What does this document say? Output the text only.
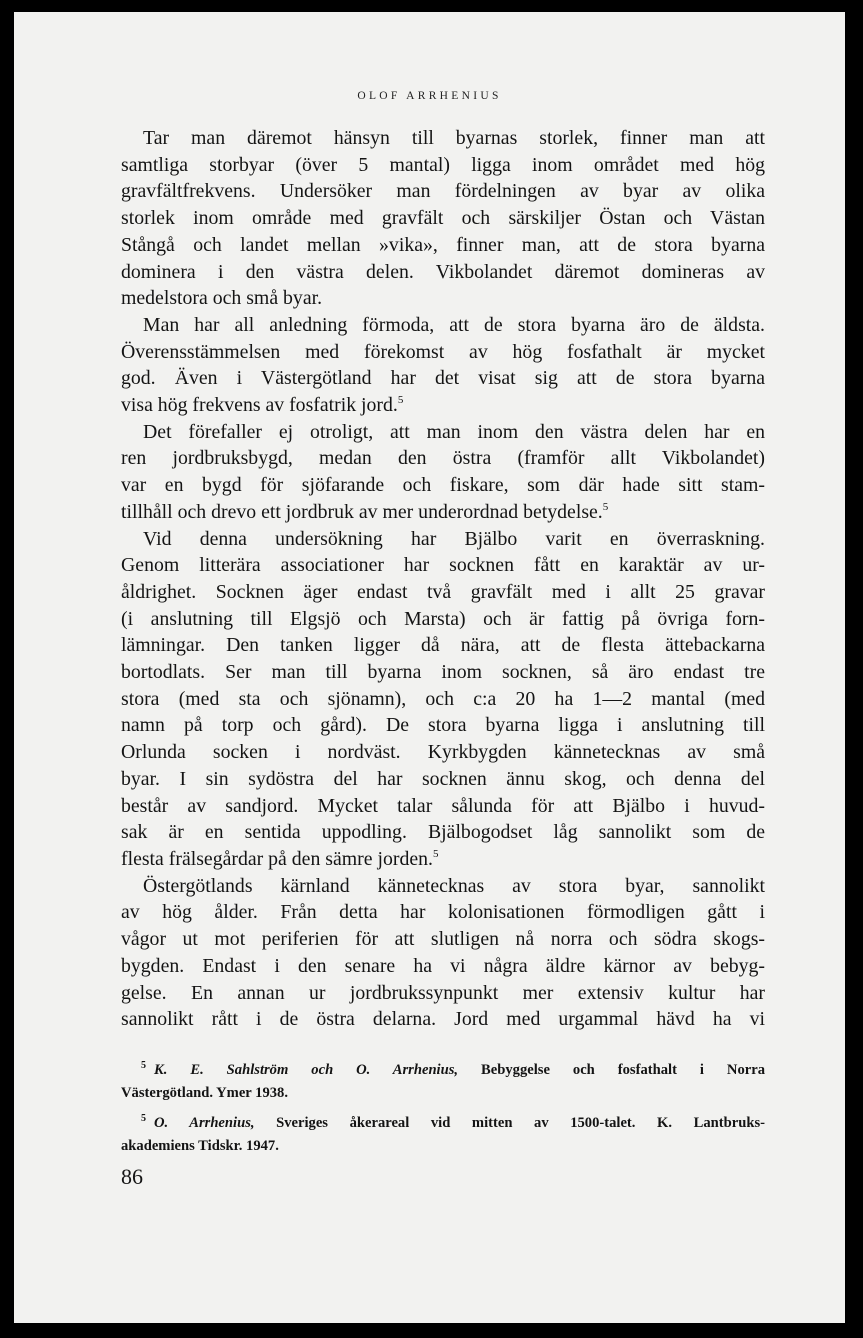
OLOF ARRHENIUS
Tar man däremot hänsyn till byarnas storlek, finner man att
samtliga storbyar (över 5 mantal) ligga inom området med hög
gravfältfrekvens. Undersöker man fördelningen av byar av olika
storlek inom område med gravfält och särskiljer Östan och Västan
Stångå och landet mellan »vika», finner man, att de stora byarna
dominera i den västra delen. Vikbolandet däremot domineras av
medelstora och små byar.
Man har all anledning förmoda, att de stora byarna äro de äldsta.
Överensstämmelsen med förekomst av hög fosfathalt är mycket
god. Även i Västergötland har det visat sig att de stora byarna
visa hög frekvens av fosfatrik jord.$^5$
Det förefaller ej otroligt, att man inom den västra delen har en
ren jordbruksbygd, medan den östra (framför allt Vikbolandet)
var en bygd för sjöfarande och fiskare, som där hade sitt stam-
tillhåll och drevo ett jordbruk av mer underordnad betydelse.$^5$
Vid denna undersökning har Bjälbo varit en överraskning.
Genom litterära associationer har socknen fått en karaktär av ur-
åldrighet. Socknen äger endast två gravfält med i allt 25 gravar
(i anslutning till Elgsjö och Marsta) och är fattig på övriga forn-
lämningar. Den tanken ligger då nära, att de flesta ättebackarna
bortodlats. Ser man till byarna inom socknen, så äro endast tre
stora (med sta och sjönamn), och c:a 20 ha 1—2 mantal (med
namn på torp och gård). De stora byarna ligga i anslutning till
Orlunda socken i nordväst. Kyrkbygden kännetecknas av små
byar. I sin sydöstra del har socknen ännu skog, och denna del
består av sandjord. Mycket talar sålunda för att Bjälbo i huvud-
sak är en sentida uppodling. Bjälbogodset låg sannolikt som de
flesta frälsegårdar på den sämre jorden.$^5$
Östergötlands kärnland kännetecknas av stora byar, sannolikt
av hög ålder. Från detta har kolonisationen förmodligen gått i
vågor ut mot periferien för att slutligen nå norra och södra skogs-
bygden. Endast i den senare ha vi några äldre kärnor av bebyg-
gelse. En annan ur jordbrukssynpunkt mer extensiv kultur har
sannolikt rått i de östra delarna. Jord med urgammal hävd ha vi
$^5$ K. E. Sahlström och O. Arrhenius, Bebyggelse och fosfathalt i Norra
Västergötland. Ymer 1938.
$^5$ O. Arrhenius, Sveriges åkerareal vid mitten av 1500-talet. K. Lantbruks-
akademiens Tidskr. 1947.
86
